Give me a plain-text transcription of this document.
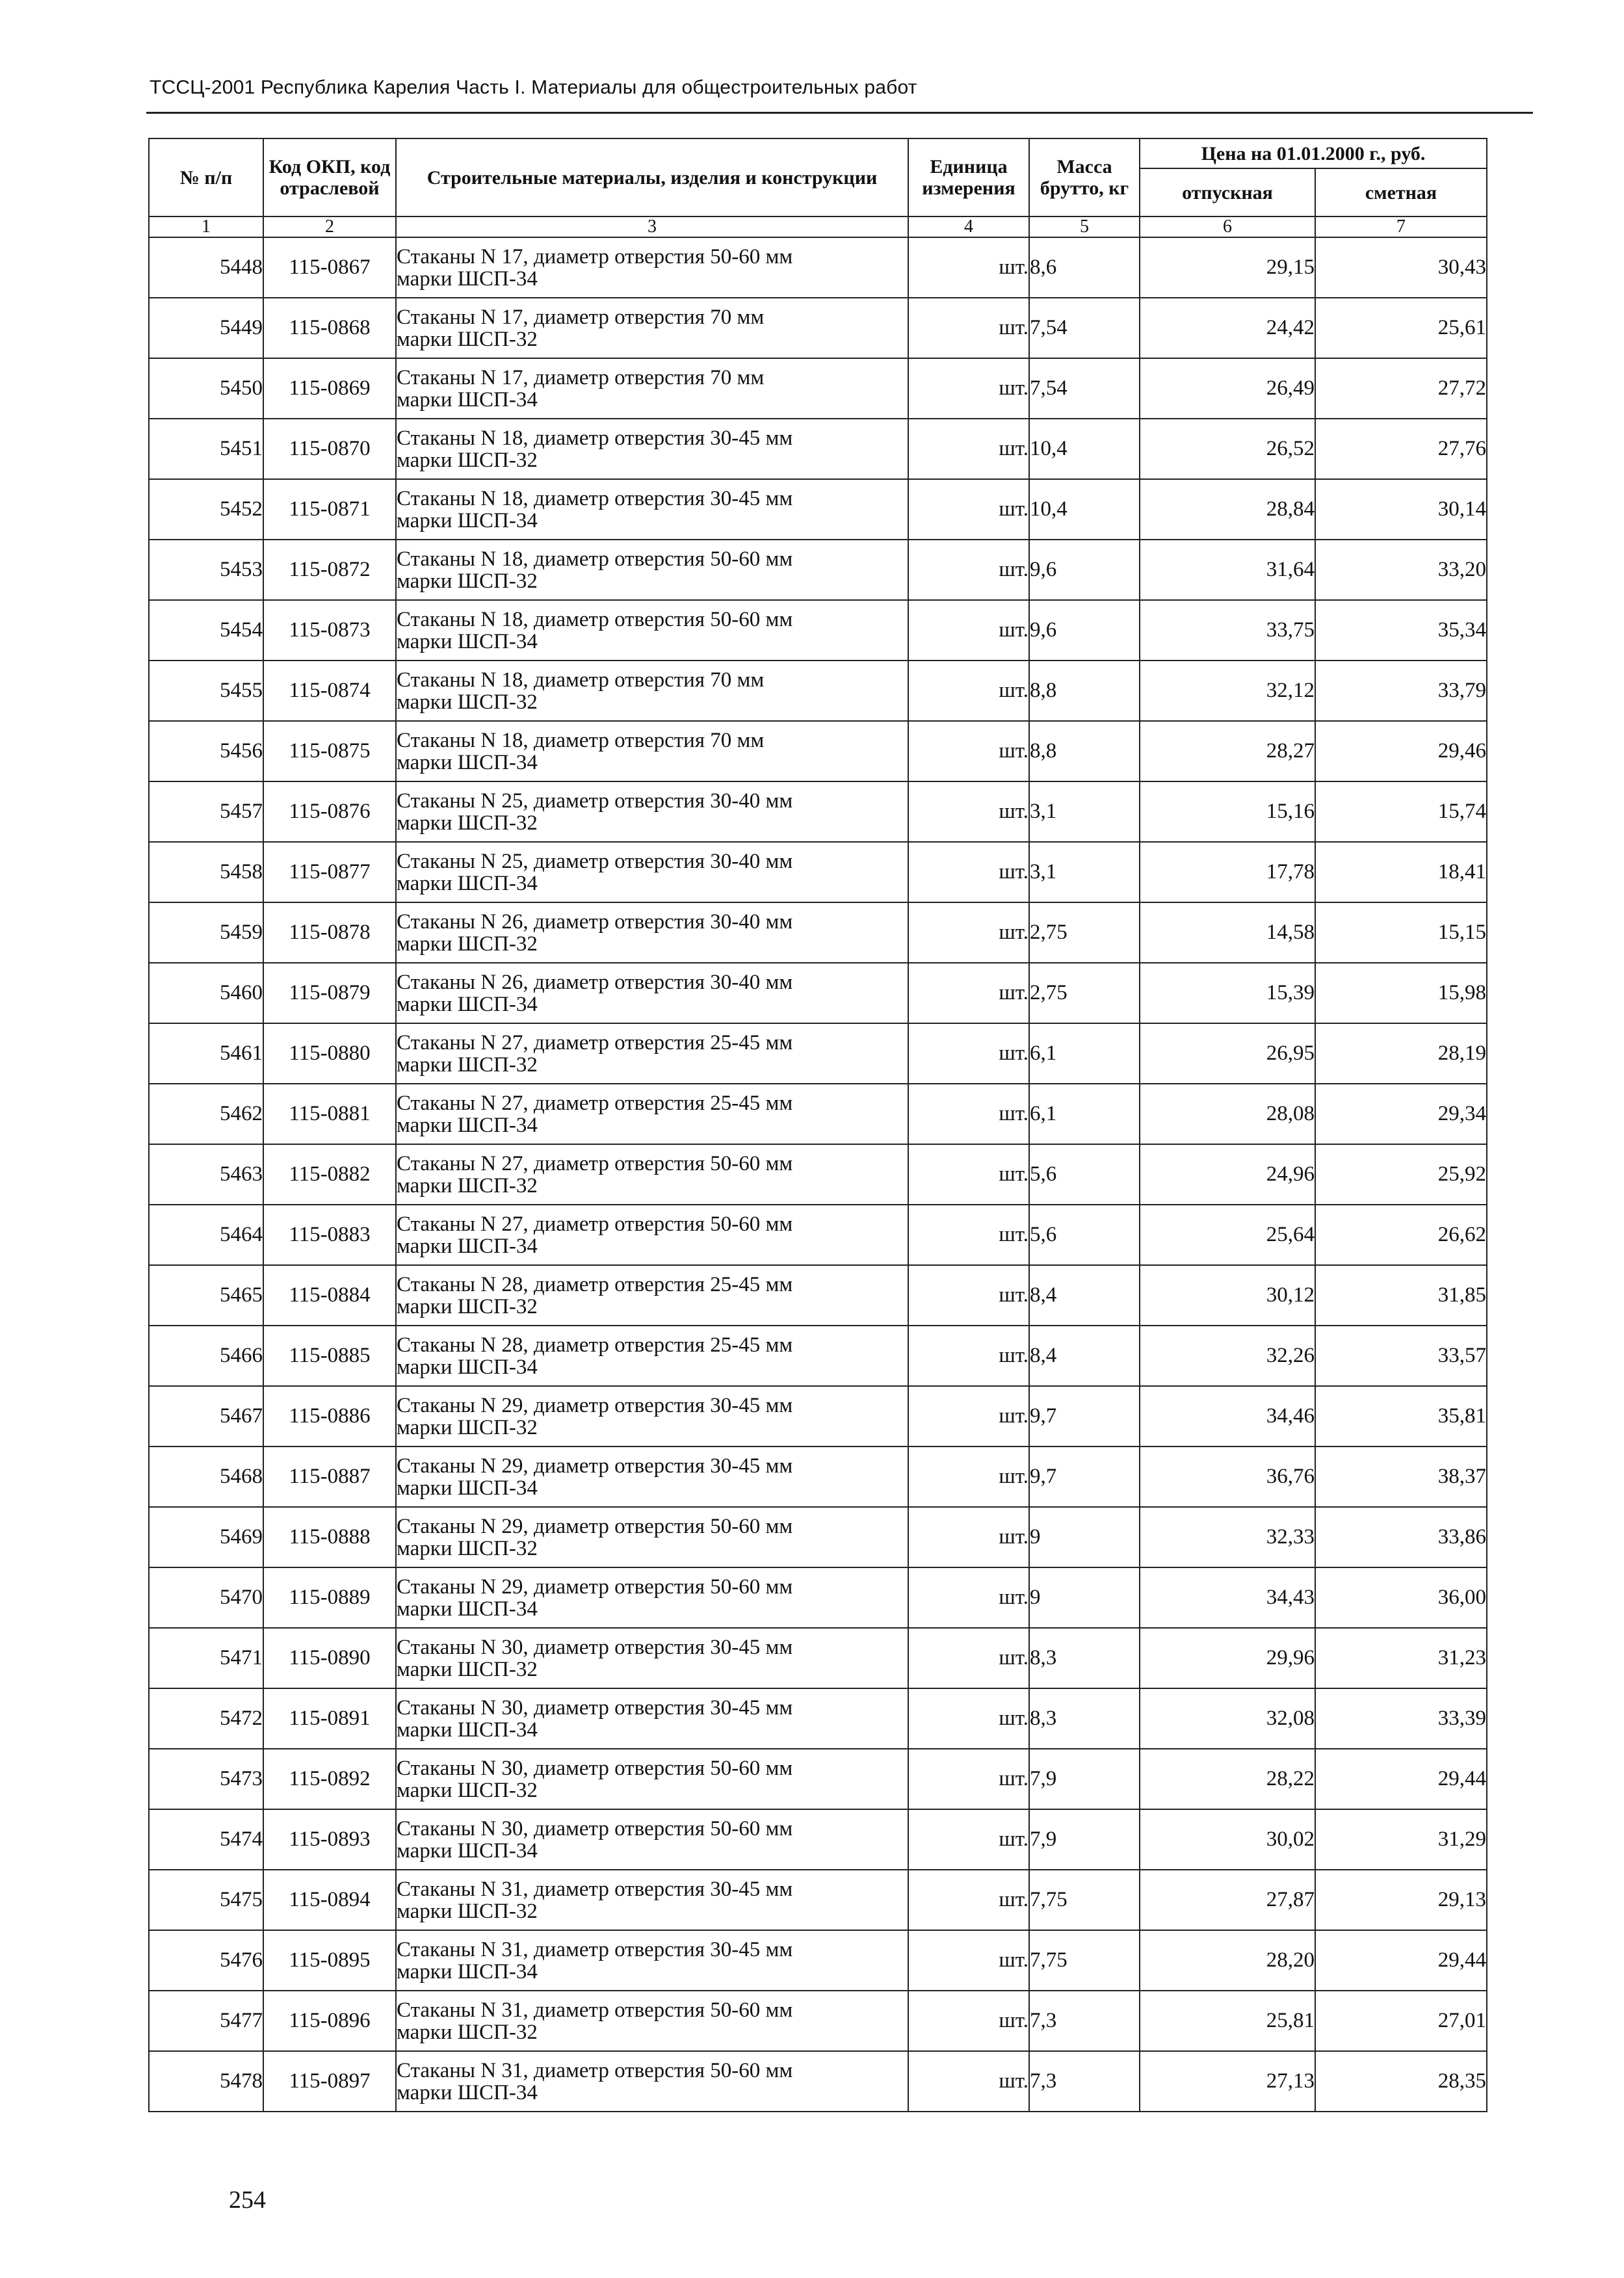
ТССЦ-2001 Республика Карелия Часть I. Материалы для общестроительных работ
№ п/п	Код ОКП, код отраслевой	Строительные материалы, изделия и конструкции	Единица измерения	Масса брутто, кг	Цена на 01.01.2000 г., руб.	
					отпускная	сметная
1	2	3	4	5	6	7
5448	115-0867	Стаканы N 17, диаметр отверстия 50-60 мм
марки ШСП-34	шт.	8,6	29,15	30,43
5449	115-0868	Стаканы N 17, диаметр отверстия 70 мм
марки ШСП-32	шт.	7,54	24,42	25,61
5450	115-0869	Стаканы N 17, диаметр отверстия 70 мм
марки ШСП-34	шт.	7,54	26,49	27,72
5451	115-0870	Стаканы N 18, диаметр отверстия 30-45 мм
марки ШСП-32	шт.	10,4	26,52	27,76
5452	115-0871	Стаканы N 18, диаметр отверстия 30-45 мм
марки ШСП-34	шт.	10,4	28,84	30,14
5453	115-0872	Стаканы N 18, диаметр отверстия 50-60 мм
марки ШСП-32	шт.	9,6	31,64	33,20
5454	115-0873	Стаканы N 18, диаметр отверстия 50-60 мм
марки ШСП-34	шт.	9,6	33,75	35,34
5455	115-0874	Стаканы N 18, диаметр отверстия 70 мм
марки ШСП-32	шт.	8,8	32,12	33,79
5456	115-0875	Стаканы N 18, диаметр отверстия 70 мм
марки ШСП-34	шт.	8,8	28,27	29,46
5457	115-0876	Стаканы N 25, диаметр отверстия 30-40 мм
марки ШСП-32	шт.	3,1	15,16	15,74
5458	115-0877	Стаканы N 25, диаметр отверстия 30-40 мм
марки ШСП-34	шт.	3,1	17,78	18,41
5459	115-0878	Стаканы N 26, диаметр отверстия 30-40 мм
марки ШСП-32	шт.	2,75	14,58	15,15
5460	115-0879	Стаканы N 26, диаметр отверстия 30-40 мм
марки ШСП-34	шт.	2,75	15,39	15,98
5461	115-0880	Стаканы N 27, диаметр отверстия 25-45 мм
марки ШСП-32	шт.	6,1	26,95	28,19
5462	115-0881	Стаканы N 27, диаметр отверстия 25-45 мм
марки ШСП-34	шт.	6,1	28,08	29,34
5463	115-0882	Стаканы N 27, диаметр отверстия 50-60 мм
марки ШСП-32	шт.	5,6	24,96	25,92
5464	115-0883	Стаканы N 27, диаметр отверстия 50-60 мм
марки ШСП-34	шт.	5,6	25,64	26,62
5465	115-0884	Стаканы N 28, диаметр отверстия 25-45 мм
марки ШСП-32	шт.	8,4	30,12	31,85
5466	115-0885	Стаканы N 28, диаметр отверстия 25-45 мм
марки ШСП-34	шт.	8,4	32,26	33,57
5467	115-0886	Стаканы N 29, диаметр отверстия 30-45 мм
марки ШСП-32	шт.	9,7	34,46	35,81
5468	115-0887	Стаканы N 29, диаметр отверстия 30-45 мм
марки ШСП-34	шт.	9,7	36,76	38,37
5469	115-0888	Стаканы N 29, диаметр отверстия 50-60 мм
марки ШСП-32	шт.	9	32,33	33,86
5470	115-0889	Стаканы N 29, диаметр отверстия 50-60 мм
марки ШСП-34	шт.	9	34,43	36,00
5471	115-0890	Стаканы N 30, диаметр отверстия 30-45 мм
марки ШСП-32	шт.	8,3	29,96	31,23
5472	115-0891	Стаканы N 30, диаметр отверстия 30-45 мм
марки ШСП-34	шт.	8,3	32,08	33,39
5473	115-0892	Стаканы N 30, диаметр отверстия 50-60 мм
марки ШСП-32	шт.	7,9	28,22	29,44
5474	115-0893	Стаканы N 30, диаметр отверстия 50-60 мм
марки ШСП-34	шт.	7,9	30,02	31,29
5475	115-0894	Стаканы N 31, диаметр отверстия 30-45 мм
марки ШСП-32	шт.	7,75	27,87	29,13
5476	115-0895	Стаканы N 31, диаметр отверстия 30-45 мм
марки ШСП-34	шт.	7,75	28,20	29,44
5477	115-0896	Стаканы N 31, диаметр отверстия 50-60 мм
марки ШСП-32	шт.	7,3	25,81	27,01
5478	115-0897	Стаканы N 31, диаметр отверстия 50-60 мм
марки ШСП-34	шт.	7,3	27,13	28,35
254
